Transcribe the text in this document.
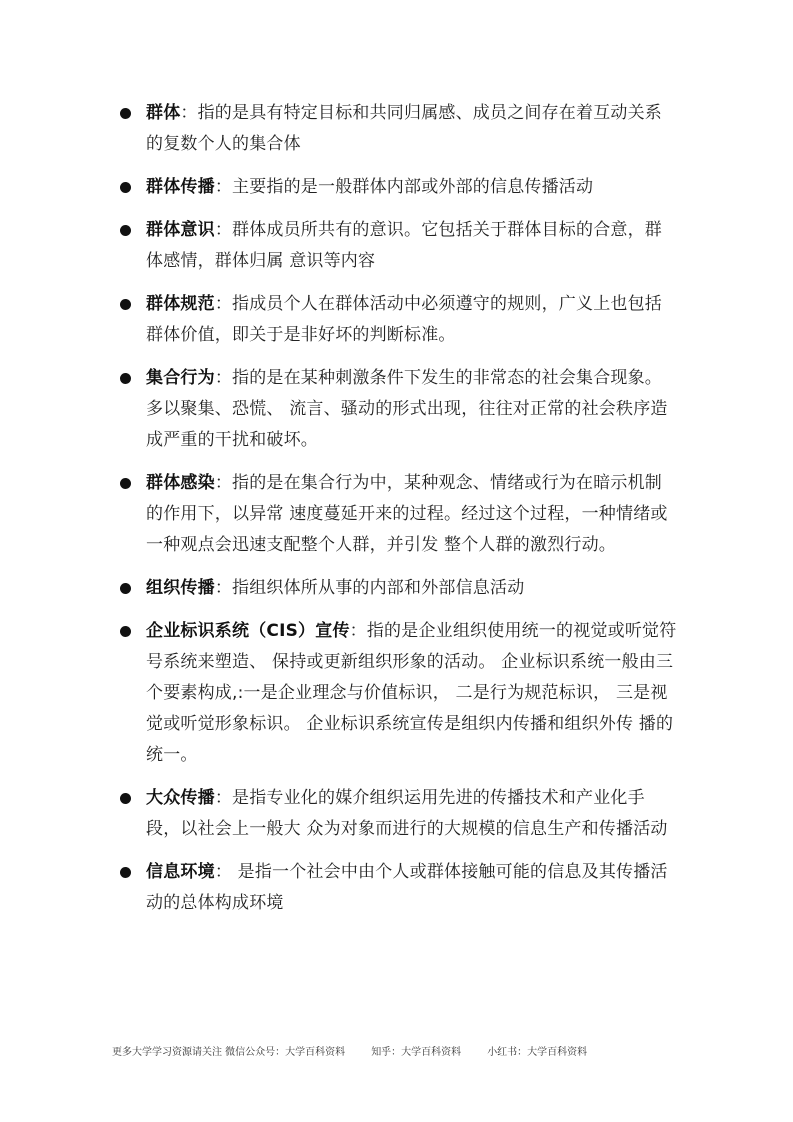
群体：指的是具有特定目标和共同归属感、成员之间存在着互动关系的复数个人的集合体
群体传播：主要指的是一般群体内部或外部的信息传播活动
群体意识：群体成员所共有的意识。它包括关于群体目标的合意，群体感情，群体归属 意识等内容
群体规范：指成员个人在群体活动中必须遵守的规则，广义上也包括群体价值，即关于是非好坏的判断标准。
集合行为：指的是在某种刺激条件下发生的非常态的社会集合现象。多以聚集、恐慌、 流言、骚动的形式出现，往往对正常的社会秩序造成严重的干扰和破坏。
群体感染：指的是在集合行为中，某种观念、情绪或行为在暗示机制的作用下，以异常 速度蔓延开来的过程。经过这个过程，一种情绪或一种观点会迅速支配整个人群，并引发 整个人群的激烈行动。
组织传播：指组织体所从事的内部和外部信息活动
企业标识系统（CIS）宣传：指的是企业组织使用统一的视觉或听觉符号系统来塑造、 保持或更新组织形象的活动。 企业标识系统一般由三个要素构成,:一是企业理念与价值标识， 二是行为规范标识， 三是视觉或听觉形象标识。 企业标识系统宣传是组织内传播和组织外传 播的统一。
大众传播：是指专业化的媒介组织运用先进的传播技术和产业化手段，以社会上一般大 众为对象而进行的大规模的信息生产和传播活动
信息环境： 是指一个社会中由个人或群体接触可能的信息及其传播活动的总体构成环境
更多大学学习资源请关注 微信公众号：大学百科资料	知乎：大学百科资料	小红书：大学百科资料
